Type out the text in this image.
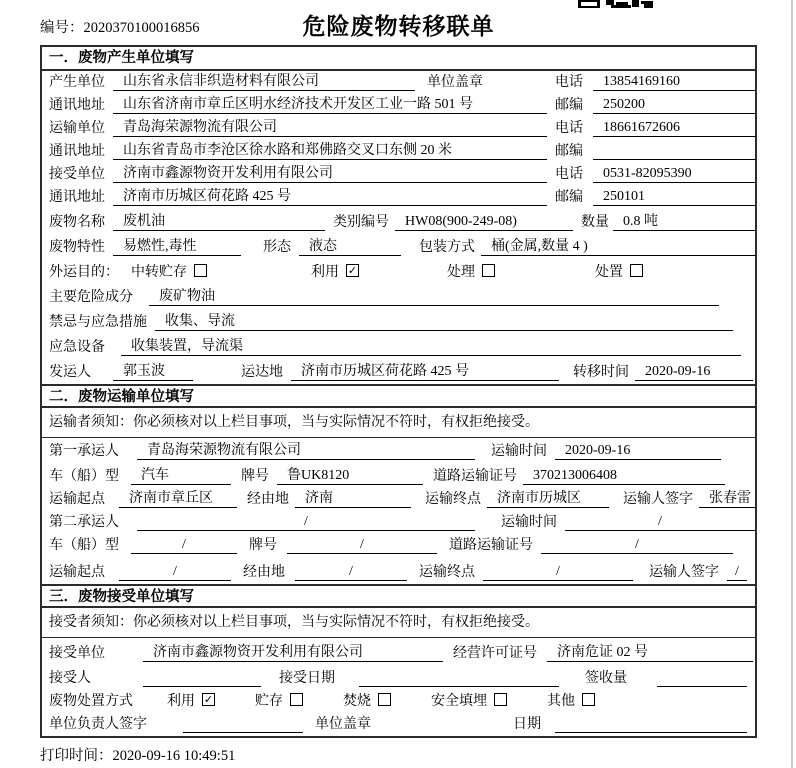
编号：2020370100016856	危险废物转移联单
一．废物产生单位填写
产生单位	山东省永信非织造材料有限公司	单位盖章	电话	13854169160
通讯地址	山东省济南市章丘区明水经济技术开发区工业一路 501 号	邮编	250200
运输单位	青岛海荣源物流有限公司	电话	18661672606
通讯地址	山东省青岛市李沧区徐水路和郑佛路交叉口东侧 20 米	邮编
接受单位	济南市鑫源物资开发利用有限公司	电话	0531-82095390
通讯地址	济南市历城区荷花路 425 号	邮编	250101
废物名称	废机油	类别编号	HW08(900-249-08)	数量	0.8 吨
废物特性	易燃性,毒性	形态	液态	包装方式	桶(金属,数量 4 )
外运目的： 中转贮存	利用 ✓	处理	处置
主要危险成分	废矿物油
禁忌与应急措施	收集、导流
应急设备	收集装置，导流渠
发运人	郭玉波	运达地	济南市历城区荷花路 425 号	转移时间	2020-09-16
二．废物运输单位填写
运输者须知：你必须核对以上栏目事项，当与实际情况不符时，有权拒绝接受。
第一承运人	青岛海荣源物流有限公司	运输时间	2020-09-16
车（船）型	汽车	牌号	鲁UK8120	道路运输证号	370213006408
运输起点	济南市章丘区	经由地	济南	运输终点	济南市历城区	运输人签字	张春雷
第二承运人	/	运输时间	/
车（船）型	/	牌号	/	道路运输证号	/
运输起点	/	经由地	/	运输终点	/	运输人签字	/
三．废物接受单位填写
接受者须知：你必须核对以上栏目事项，当与实际情况不符时，有权拒绝接受。
接受单位	济南市鑫源物资开发利用有限公司	经营许可证号	济南危证 02 号
接受人	接受日期	签收量
废物处置方式 利用 ✓	贮存	焚烧	安全填埋	其他
单位负责人签字	单位盖章	日期
打印时间：2020-09-16 10:49:51
